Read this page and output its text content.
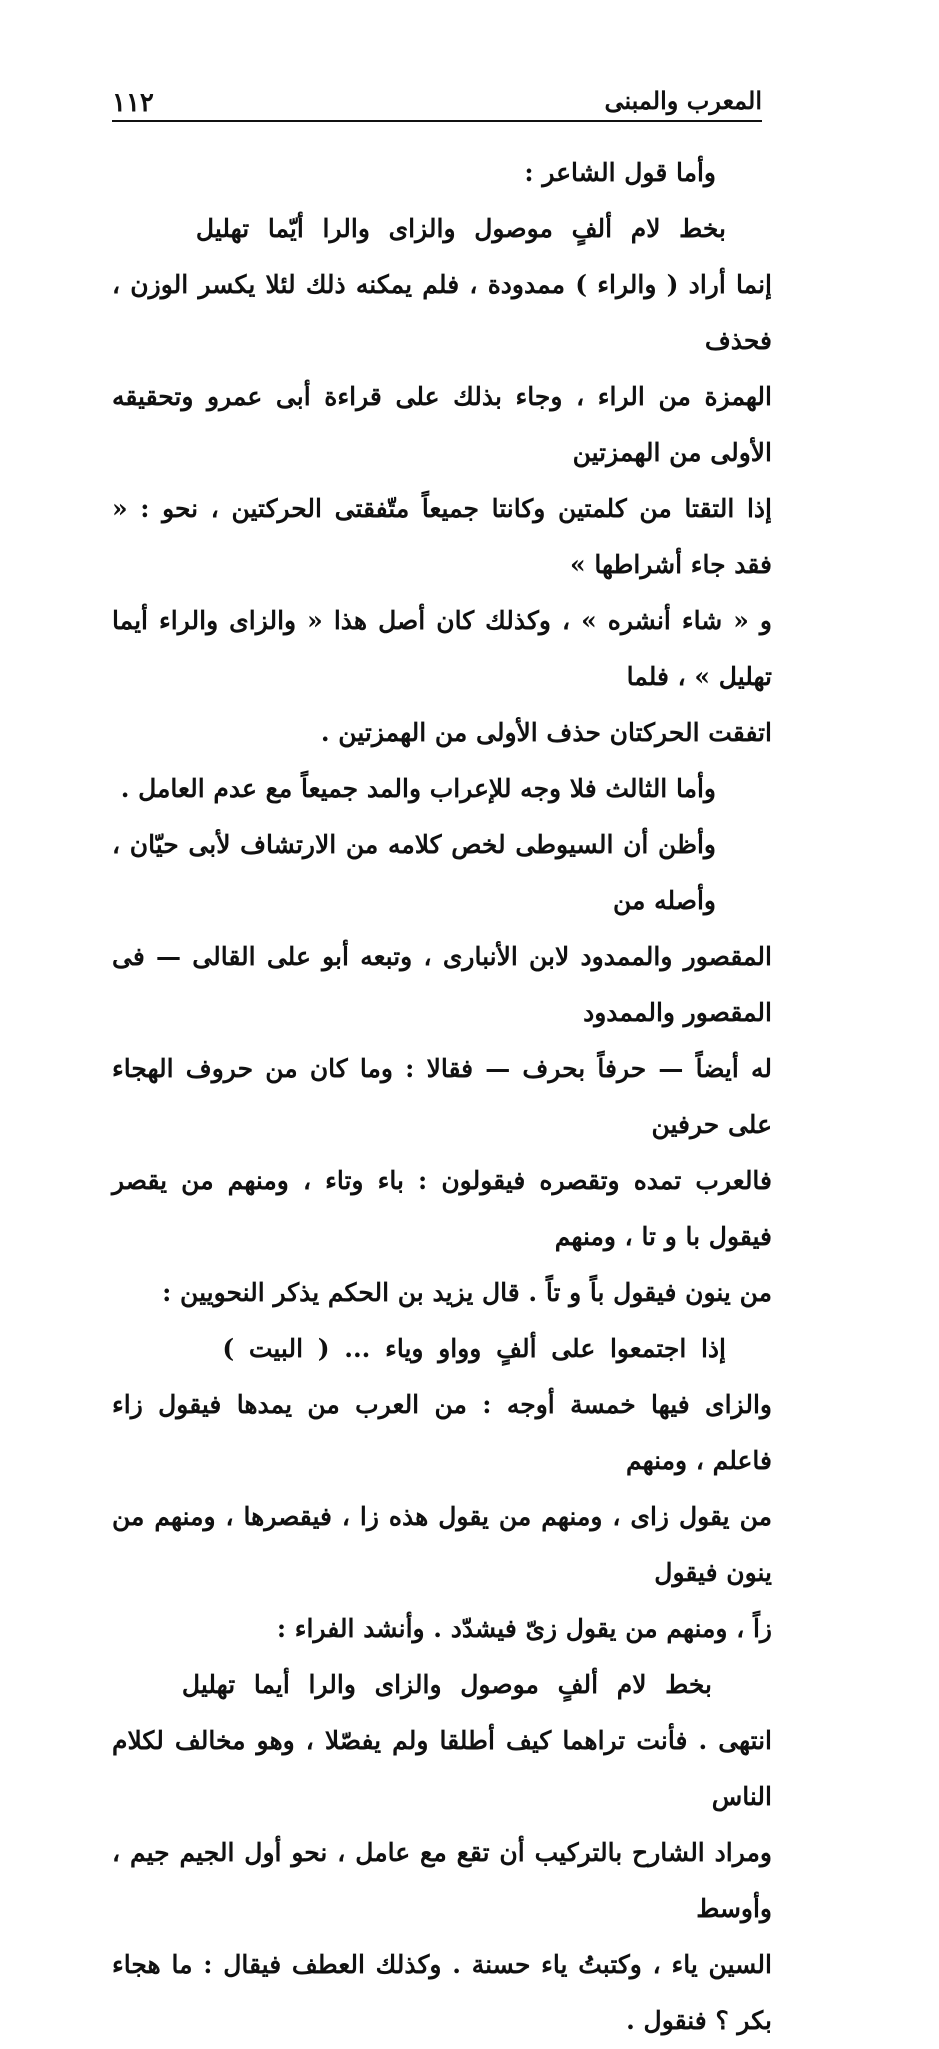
١١٢	المعرب والمبنى
وأما قول الشاعر :
بخط لام ألفٍ موصول والزاى والرا أيّما تهليل

إنما أراد ( والراء ) ممدودة ، فلم يمكنه ذلك لئلا يكسر الوزن ، فحذف
الهمزة من الراء ، وجاء بذلك على قراءة أبى عمرو وتحقيقه الأولى من الهمزتين
إذا التقتا من كلمتين وكانتا جميعاً متّفقتى الحركتين ، نحو : « فقد جاء أشراطها »
و « شاء أنشره » ، وكذلك كان أصل هذا « والزاى والراء أيما تهليل » ، فلما
اتفقت الحركتان حذف الأولى من الهمزتين .

وأما الثالث فلا وجه للإعراب والمد جميعاً مع عدم العامل .

وأظن أن السيوطى لخص كلامه من الارتشاف لأبى حيّان ، وأصله من
المقصور والممدود لابن الأنبارى ، وتبعه أبو على القالى — فى المقصور والممدود
له أيضاً — حرفاً بحرف — فقالا : وما كان من حروف الهجاء على حرفين
فالعرب تمده وتقصره فيقولون : باء وتاء ، ومنهم من يقصر فيقول با و تا ، ومنهم
من ينون فيقول باً و تاً . قال يزيد بن الحكم يذكر النحويين :

إذا اجتمعوا على ألفٍ وواو وياء ... ( البيت )

والزاى فيها خمسة أوجه : من العرب من يمدها فيقول زاء فاعلم ، ومنهم
من يقول زاى ، ومنهم من يقول هذه زا ، فيقصرها ، ومنهم من ينون فيقول
زاً ، ومنهم من يقول زىّ فيشدّد . وأنشد الفراء :

بخط لام ألفٍ موصول والزاى والرا أيما تهليل

انتهى . فأنت تراهما كيف أطلقا ولم يفصّلا ، وهو مخالف لكلام الناس
ومراد الشارح بالتركيب أن تقع مع عامل ، نحو أول الجيم جيم ، وأوسط
السين ياء ، وكتبتُ ياء حسنة . وكذلك العطف فيقال : ما هجاء بكر ؟ فنقول .
